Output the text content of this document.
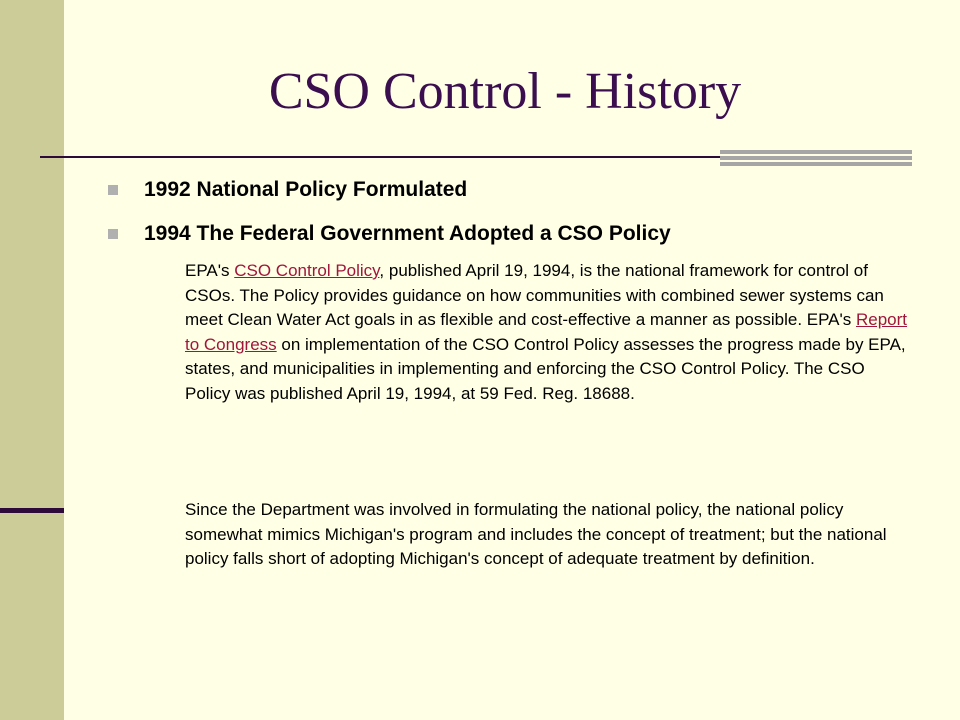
CSO Control - History
1992 National Policy Formulated
1994 The Federal Government Adopted a CSO Policy

EPA's CSO Control Policy, published April 19, 1994, is the national framework for control of CSOs. The Policy provides guidance on how communities with combined sewer systems can meet Clean Water Act goals in as flexible and cost-effective a manner as possible. EPA's Report to Congress on implementation of the CSO Control Policy assesses the progress made by EPA, states, and municipalities in implementing and enforcing the CSO Control Policy. The CSO Policy was published April 19, 1994, at 59 Fed. Reg. 18688.

Since the Department was involved in formulating the national policy, the national policy somewhat mimics Michigan's program and includes the concept of treatment; but the national policy falls short of adopting Michigan's concept of adequate treatment by definition.
